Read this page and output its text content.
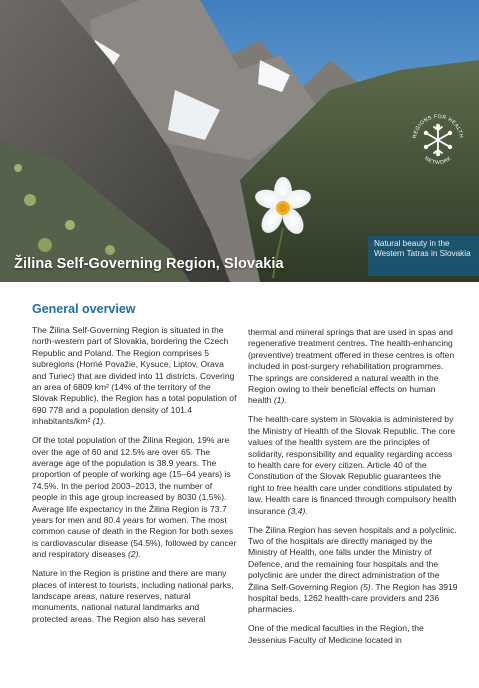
REGIONS FOR HEALTH
NETWORK
Natural beauty in the Western Tatras in Slovakia
Žilina Self-Governing Region, Slovakia
General overview

The Žilina Self-Governing Region is situated in the north-western part of Slovakia, bordering the Czech Republic and Poland. The Region comprises 5 subregions (Horné Považie, Kysuce, Liptov, Orava and Turiec) that are divided into 11 districts. Covering an area of 6809 km² (14% of the territory of the Slovak Republic), the Region has a total population of 690 778 and a population density of 101.4 inhabitants/km² (1).

Of the total population of the Žilina Region, 19% are over the age of 60 and 12.5% are over 65. The average age of the population is 38.9 years. The proportion of people of working age (15–64 years) is 74.5%. In the period 2003–2013, the number of people in this age group increased by 8030 (1.5%). Average life expectancy in the Žilina Region is 73.7 years for men and 80.4 years for women. The most common cause of death in the Region for both sexes is cardiovascular disease (54.5%), followed by cancer and respiratory diseases (2).

Nature in the Region is pristine and there are many places of interest to tourists, including national parks, landscape areas, nature reserves, natural monuments, national natural landmarks and protected areas. The Region also has several

thermal and mineral springs that are used in spas and regenerative treatment centres. The health-enhancing (preventive) treatment offered in these centres is often included in post-surgery rehabilitation programmes. The springs are considered a natural wealth in the Region owing to their beneficial effects on human health (1).

The health-care system in Slovakia is administered by the Ministry of Health of the Slovak Republic. The core values of the health system are the principles of solidarity, responsibility and equality regarding access to health care for every citizen. Article 40 of the Constitution of the Slovak Republic guarantees the right to free health care under conditions stipulated by law. Health care is financed through compulsory health insurance (3,4).

The Žilina Region has seven hospitals and a polyclinic. Two of the hospitals are directly managed by the Ministry of Health, one falls under the Ministry of Defence, and the remaining four hospitals and the polyclinic are under the direct administration of the Žilina Self-Governing Region (5). The Region has 3919 hospital beds, 1262 health-care providers and 236 pharmacies.

One of the medical faculties in the Region, the Jessenius Faculty of Medicine located in
